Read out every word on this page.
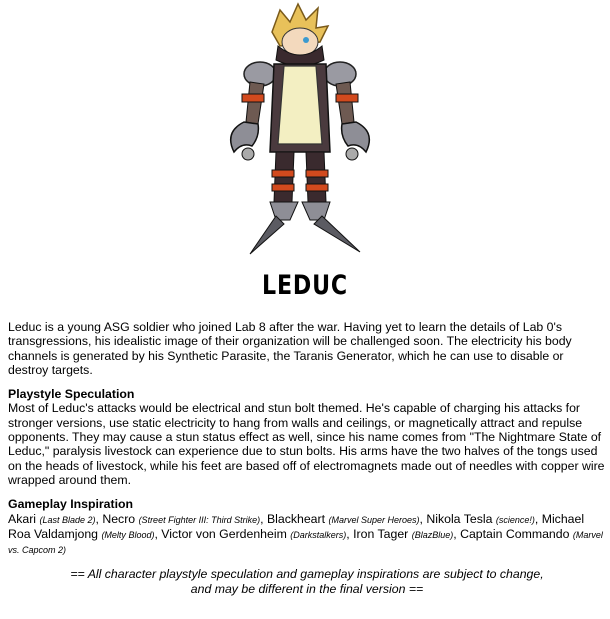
LEDUC

Leduc is a young ASG soldier who joined Lab 8 after the war. Having yet to learn the details of Lab 0's transgressions, his idealistic image of their organization will be challenged soon. The electricity his body channels is generated by his Synthetic Parasite, the Taranis Generator, which he can use to disable or destroy targets.

Playstyle Speculation

Most of Leduc's attacks would be electrical and stun bolt themed. He's capable of charging his attacks for stronger versions, use static electricity to hang from walls and ceilings, or magnetically attract and repulse opponents. They may cause a stun status effect as well, since his name comes from "The Nightmare State of Leduc," paralysis livestock can experience due to stun bolts. His arms have the two halves of the tongs used on the heads of livestock, while his feet are based off of electromagnets made out of needles with copper wire wrapped around them.

Gameplay Inspiration

Akari (Last Blade 2), Necro (Street Fighter III: Third Strike), Blackheart (Marvel Super Heroes), Nikola Tesla (science!), Michael Roa Valdamjong (Melty Blood), Victor von Gerdenheim (Darkstalkers), Iron Tager (BlazBlue), Captain Commando (Marvel vs. Capcom 2)

== All character playstyle speculation and gameplay inspirations are subject to change,
and may be different in the final version ==
